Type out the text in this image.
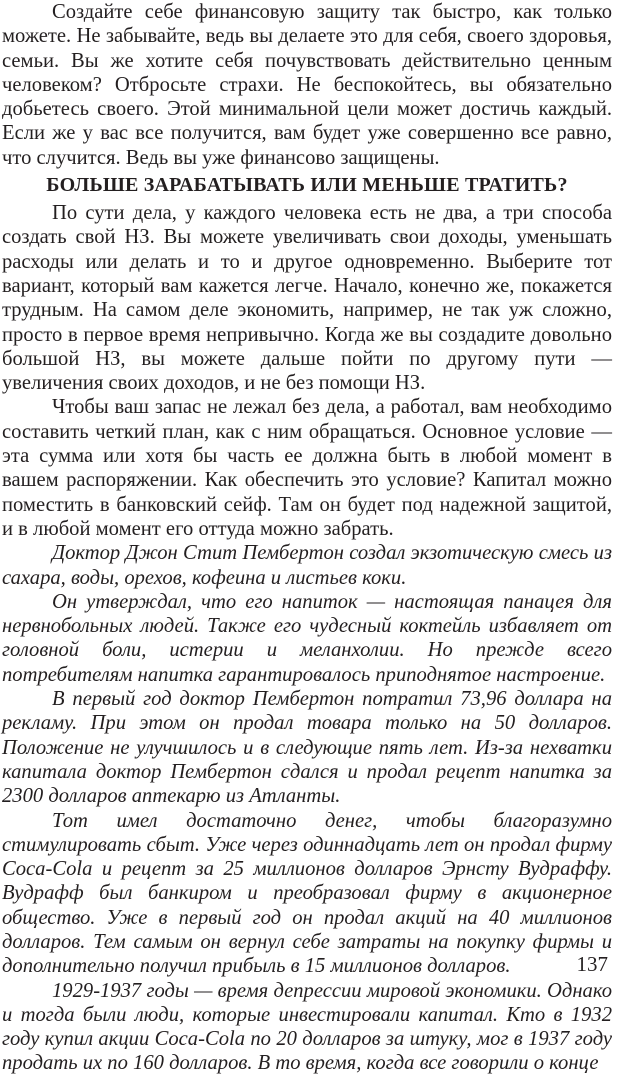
Создайте себе финансовую защиту так быстро, как только можете. Не забывайте, ведь вы делаете это для себя, своего здоровья, семьи. Вы же хотите себя почувствовать действительно ценным человеком? Отбросьте страхи. Не беспокойтесь, вы обязательно добьетесь своего. Этой минимальной цели может достичь каждый. Если же у вас все получится, вам будет уже совершенно все равно, что случится. Ведь вы уже финансово защищены.

БОЛЬШЕ ЗАРАБАТЫВАТЬ ИЛИ МЕНЬШЕ ТРАТИТЬ?

По сути дела, у каждого человека есть не два, а три способа создать свой НЗ. Вы можете увеличивать свои доходы, уменьшать расходы или делать и то и другое одновременно. Выберите тот вариант, который вам кажется легче. Начало, конечно же, покажется трудным. На самом деле экономить, например, не так уж сложно, просто в первое время непривычно. Когда же вы создадите довольно большой НЗ, вы можете дальше пойти по другому пути — увеличения своих доходов, и не без помощи НЗ.

Чтобы ваш запас не лежал без дела, а работал, вам необходимо составить четкий план, как с ним обращаться. Основное условие — эта сумма или хотя бы часть ее должна быть в любой момент в вашем распоряжении. Как обеспечить это условие? Капитал можно поместить в банковский сейф. Там он будет под надежной защитой, и в любой момент его оттуда можно забрать.

Доктор Джон Стит Пембертон создал экзотическую смесь из сахара, воды, орехов, кофеина и листьев коки.

Он утверждал, что его напиток — настоящая панацея для нервнобольных людей. Также его чудесный коктейль избавляет от головной боли, истерии и меланхолии. Но прежде всего потребителям напитка гарантировалось приподнятое настроение.

В первый год доктор Пембертон потратил 73,96 доллара на рекламу. При этом он продал товара только на 50 долларов. Положение не улучшилось и в следующие пять лет. Из-за нехватки капитала доктор Пембертон сдался и продал рецепт напитка за 2300 долларов аптекарю из Атланты.

Тот имел достаточно денег, чтобы благоразумно стимулировать сбыт. Уже через одиннадцать лет он продал фирму Coca-Cola и рецепт за 25 миллионов долларов Эрнсту Вудраффу. Вудрафф был банкиром и преобразовал фирму в акционерное общество. Уже в первый год он продал акций на 40 миллионов долларов. Тем самым он вернул себе затраты на покупку фирмы и дополнительно получил прибыль в 15 миллионов долларов.

1929-1937 годы — время депрессии мировой экономики. Однако и тогда были люди, которые инвестировали капитал. Кто в 1932 году купил акции Coca-Cola по 20 долларов за штуку, мог в 1937 году продать их по 160 долларов. В то время, когда все говорили о конце

137
